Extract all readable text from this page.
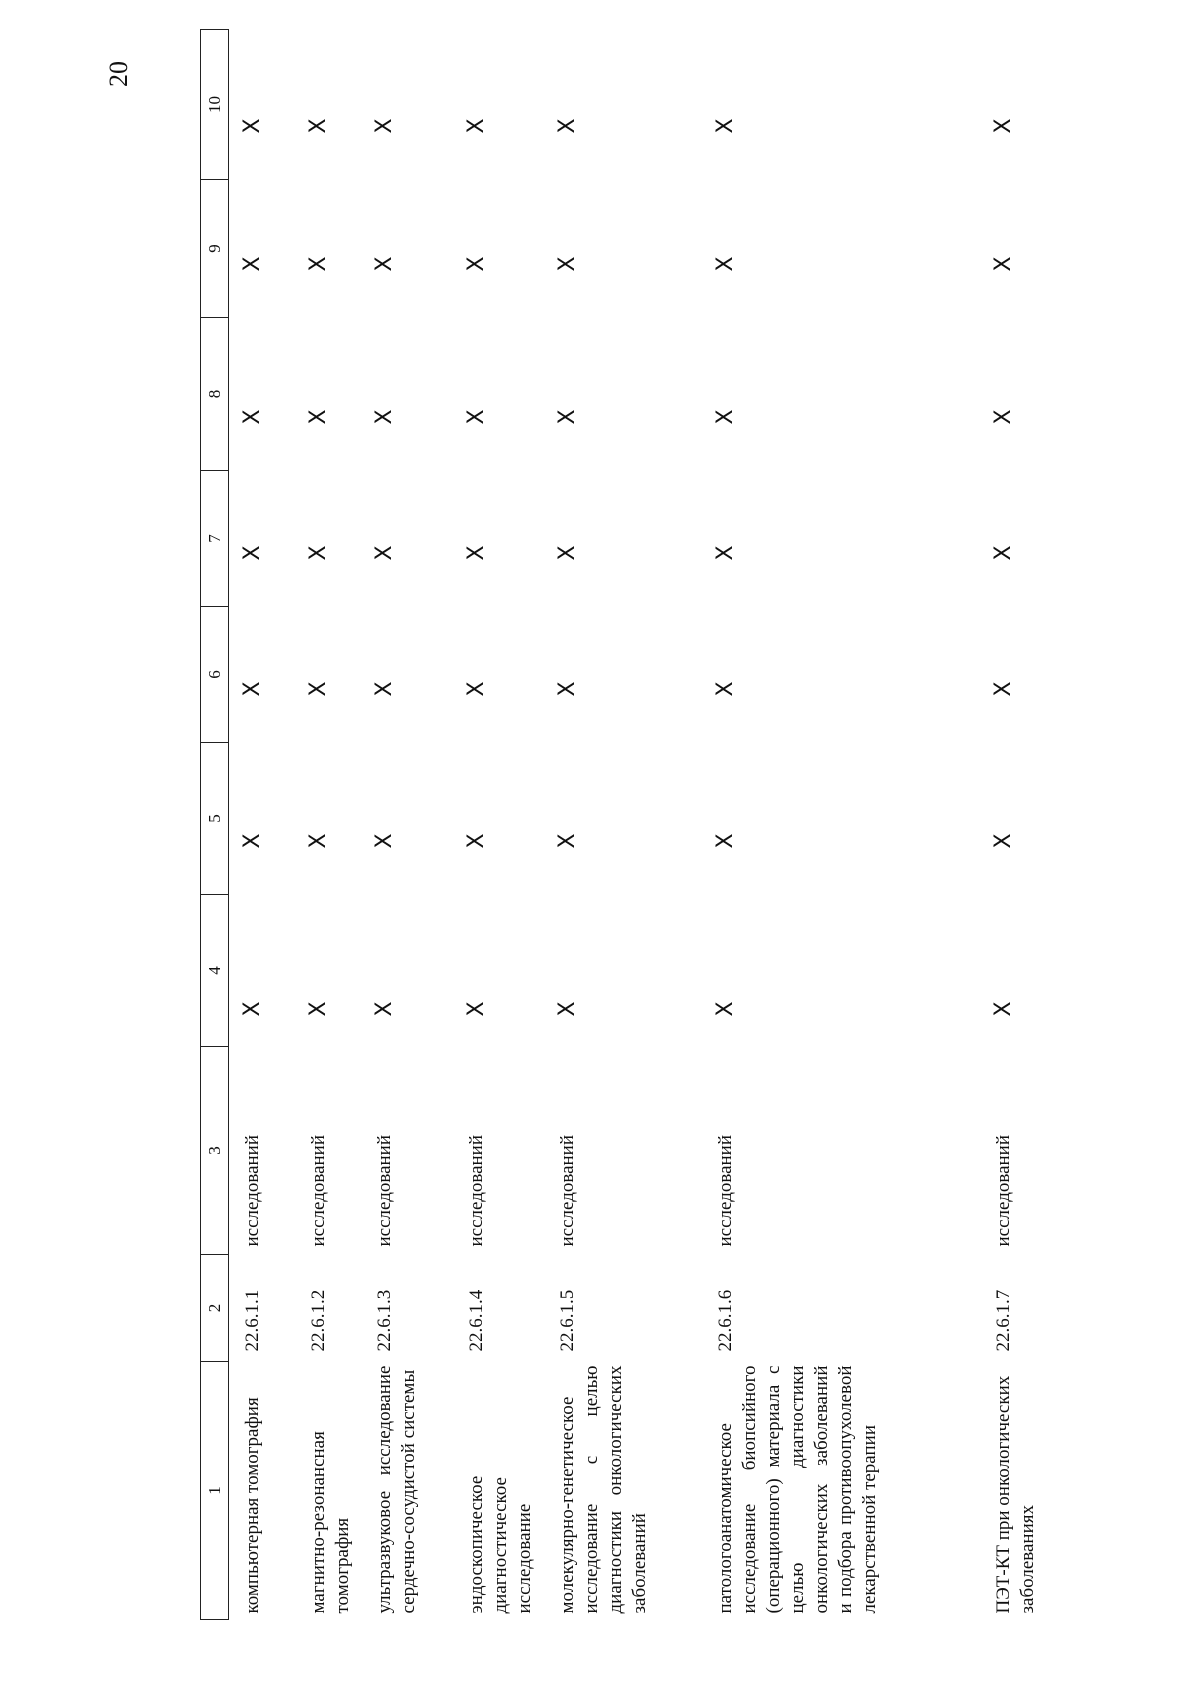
20
1	2	3	4	5	6	7	8	9	10
компьютерная томография	22.6.1.1	исследований	X	X	X	X	X	X	X
магнитно-резонансная томография	22.6.1.2	исследований	X	X	X	X	X	X	X
ультразвуковое исследование сердечно-сосудистой системы	22.6.1.3	исследований	X	X	X	X	X	X	X
эндоскопическое диагностическое исследование	22.6.1.4	исследований	X	X	X	X	X	X	X
молекулярно-генетическое исследование с целью диагностики онкологических заболеваний	22.6.1.5	исследований	X	X	X	X	X	X	X
патологоанатомическое исследование биопсийного (операционного) материала с целью диагностики онкологических заболеваний и подбора противоопухолевой лекарственной терапии	22.6.1.6	исследований	X	X	X	X	X	X	X
ПЭТ-КТ при онкологических заболеваниях	22.6.1.7	исследований	X	X	X	X	X	X	X
